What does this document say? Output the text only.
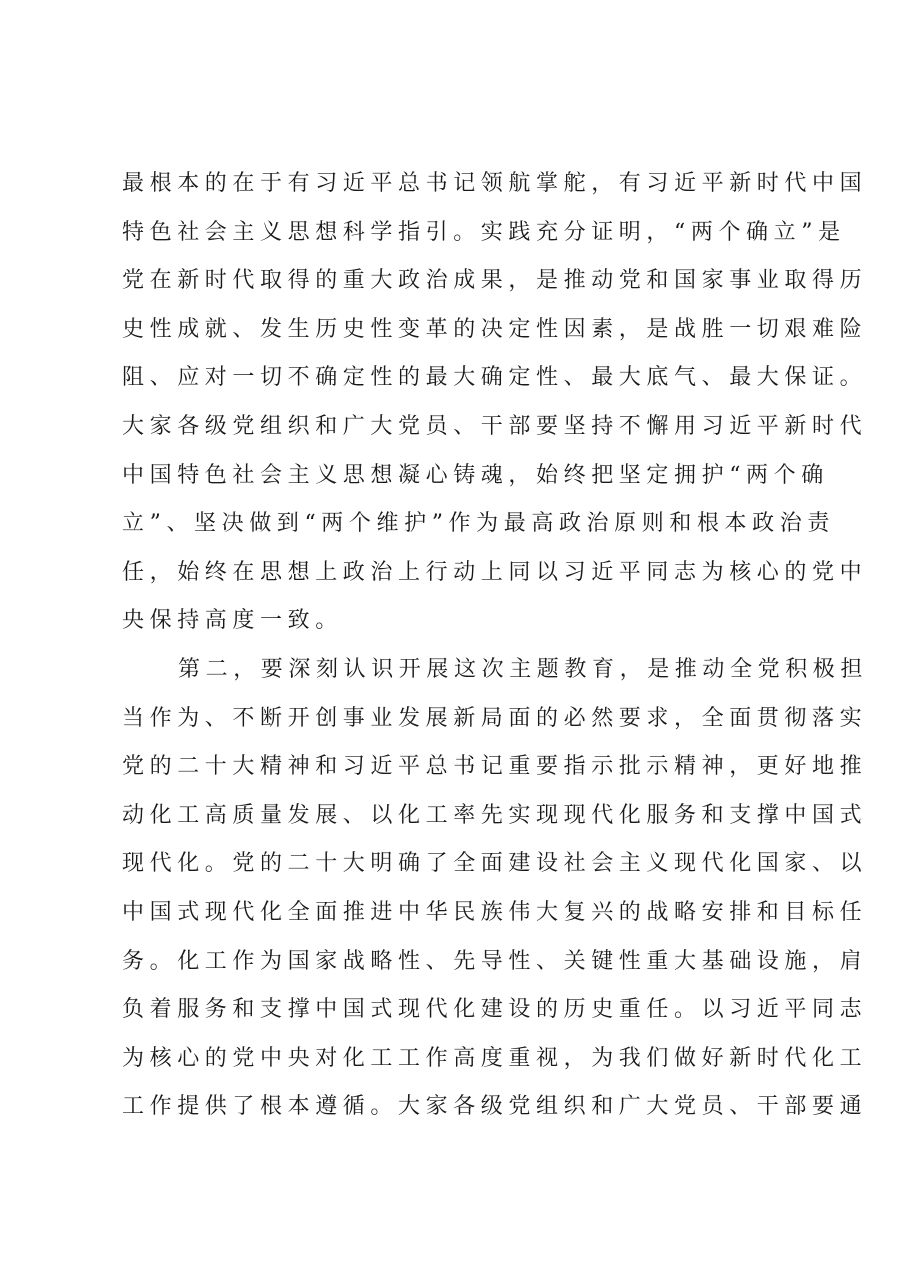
最根本的在于有习近平总书记领航掌舵，有习近平新时代中国
特色社会主义思想科学指引。实践充分证明，“两个确立”是
党在新时代取得的重大政治成果，是推动党和国家事业取得历
史性成就、发生历史性变革的决定性因素，是战胜一切艰难险
阻、应对一切不确定性的最大确定性、最大底气、最大保证。
大家各级党组织和广大党员、干部要坚持不懈用习近平新时代
中国特色社会主义思想凝心铸魂，始终把坚定拥护“两个确
立”、坚决做到“两个维护”作为最高政治原则和根本政治责
任，始终在思想上政治上行动上同以习近平同志为核心的党中
央保持高度一致。
第二，要深刻认识开展这次主题教育，是推动全党积极担
当作为、不断开创事业发展新局面的必然要求，全面贯彻落实
党的二十大精神和习近平总书记重要指示批示精神，更好地推
动化工高质量发展、以化工率先实现现代化服务和支撑中国式
现代化。党的二十大明确了全面建设社会主义现代化国家、以
中国式现代化全面推进中华民族伟大复兴的战略安排和目标任
务。化工作为国家战略性、先导性、关键性重大基础设施，肩
负着服务和支撑中国式现代化建设的历史重任。以习近平同志
为核心的党中央对化工工作高度重视，为我们做好新时代化工
工作提供了根本遵循。大家各级党组织和广大党员、干部要通
